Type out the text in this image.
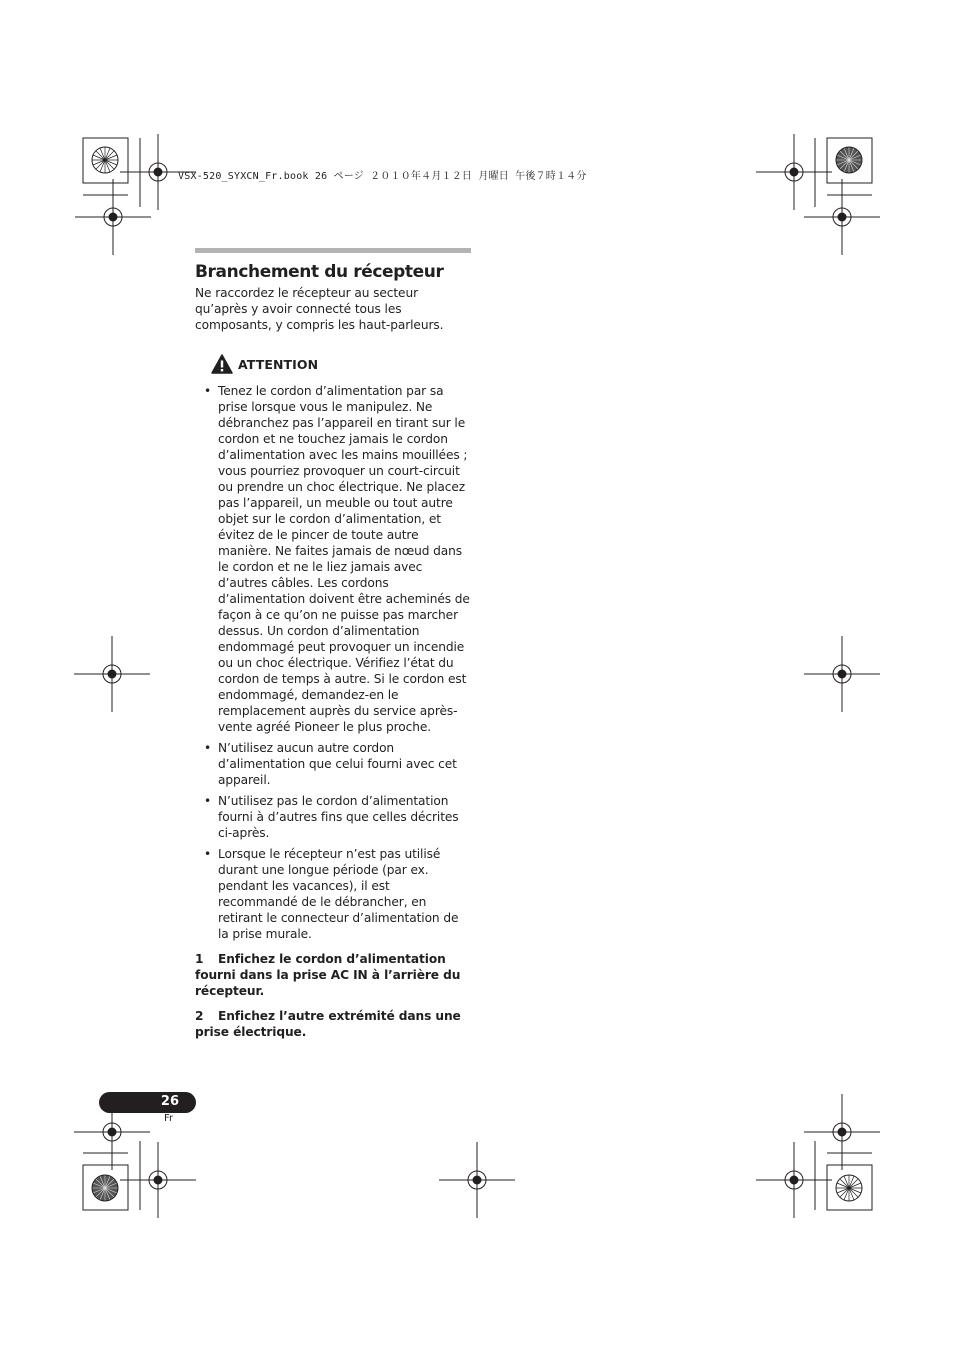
VSX-520_SYXCN_Fr.book 26 ページ ２０１０年４月１２日 月曜日 午後７時１４分
Branchement du récepteur

Ne raccordez le récepteur au secteur qu’après y avoir connecté tous les composants, y compris les haut-parleurs.

ATTENTION
• Tenez le cordon d’alimentation par sa prise lorsque vous le manipulez. Ne débranchez pas l’appareil en tirant sur le cordon et ne touchez jamais le cordon d’alimentation avec les mains mouillées ; vous pourriez provoquer un court-circuit ou prendre un choc électrique. Ne placez pas l’appareil, un meuble ou tout autre objet sur le cordon d’alimentation, et évitez de le pincer de toute autre manière. Ne faites jamais de nœud dans le cordon et ne le liez jamais avec d’autres câbles. Les cordons d’alimentation doivent être acheminés de façon à ce qu’on ne puisse pas marcher dessus. Un cordon d’alimentation endommagé peut provoquer un incendie ou un choc électrique. Vérifiez l’état du cordon de temps à autre. Si le cordon est endommagé, demandez-en le remplacement auprès du service après-vente agréé Pioneer le plus proche.
• N’utilisez aucun autre cordon d’alimentation que celui fourni avec cet appareil.
• N’utilisez pas le cordon d’alimentation fourni à d’autres fins que celles décrites ci-après.
• Lorsque le récepteur n’est pas utilisé durant une longue période (par ex. pendant les vacances), il est recommandé de le débrancher, en retirant le connecteur d’alimentation de la prise murale.

1 Enfichez le cordon d’alimentation fourni dans la prise AC IN à l’arrière du récepteur.

2 Enfichez l’autre extrémité dans une prise électrique.

26
Fr
